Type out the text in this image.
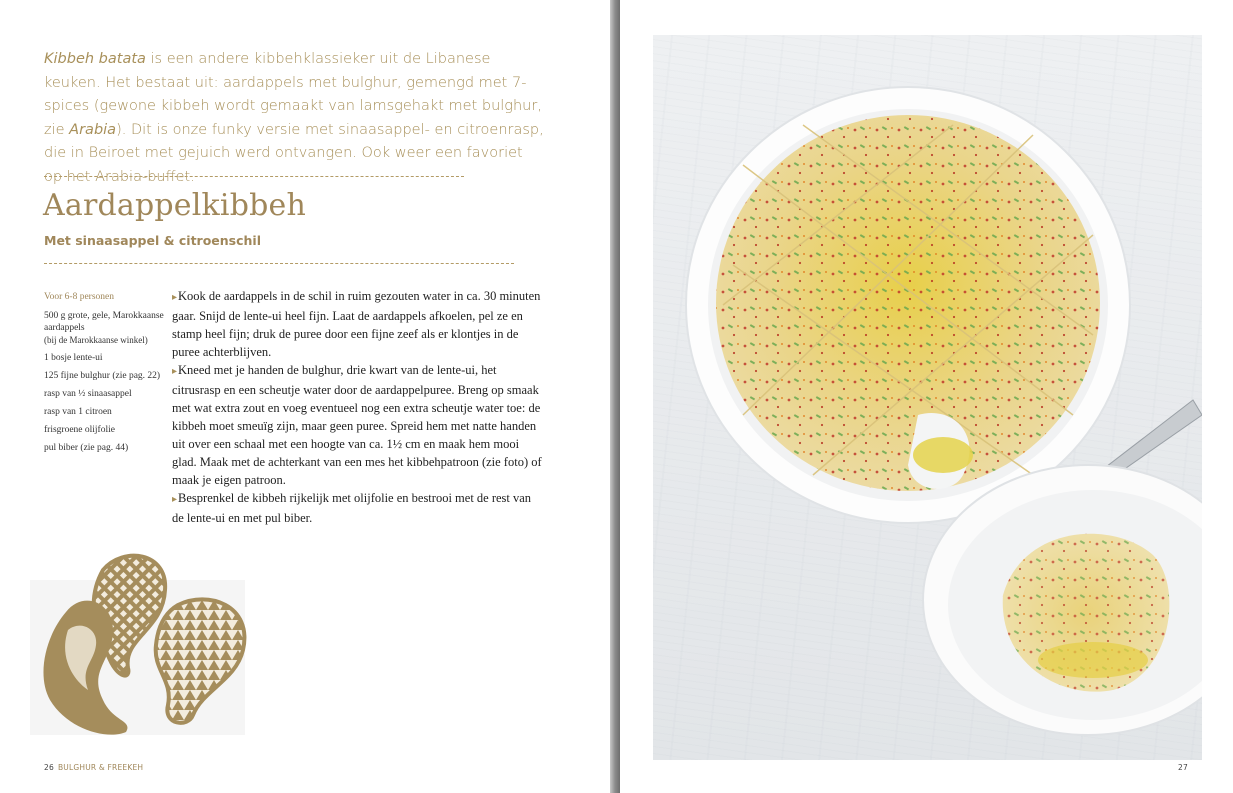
Kibbeh batata is een andere kibbehklassieker uit de Libanese keuken. Het bestaat uit: aardappels met bulghur, gemengd met 7-spices (gewone kibbeh wordt gemaakt van lamsgehakt met bulghur, zie Arabia). Dit is onze funky versie met sinaasappel- en citroenrasp, die in Beiroet met gejuich werd ontvangen. Ook weer een favoriet op het Arabia-buffet.

Aardappelkibbeh
Met sinaasappel & citroenschil
Voor 6-8 personen
500 g grote, gele, Marokkaanse aardappels
(bij de Marokkaanse winkel)
1 bosje lente-ui
125 fijne bulghur (zie pag. 22)
rasp van ½ sinaasappel
rasp van 1 citroen
frisgroene olijfolie
pul biber (zie pag. 44)

▸Kook de aardappels in de schil in ruim gezouten water in ca. 30 minuten gaar. Snijd de lente-ui heel fijn. Laat de aardappels afkoelen, pel ze en stamp heel fijn; druk de puree door een fijne zeef als er klontjes in de puree achterblijven.

▸Kneed met je handen de bulghur, drie kwart van de lente-ui, het citrusrasp en een scheutje water door de aardappelpuree. Breng op smaak met wat extra zout en voeg eventueel nog een extra scheutje water toe: de kibbeh moet smeuïg zijn, maar geen puree. Spreid hem met natte handen uit over een schaal met een hoogte van ca. 1½ cm en maak hem mooi glad. Maak met de achterkant van een mes het kibbehpatroon (zie foto) of maak je eigen patroon.

▸Besprenkel de kibbeh rijkelijk met olijfolie en bestrooi met de rest van de lente-ui en met pul biber.

26 BULGHUR & FREEKEH	27
